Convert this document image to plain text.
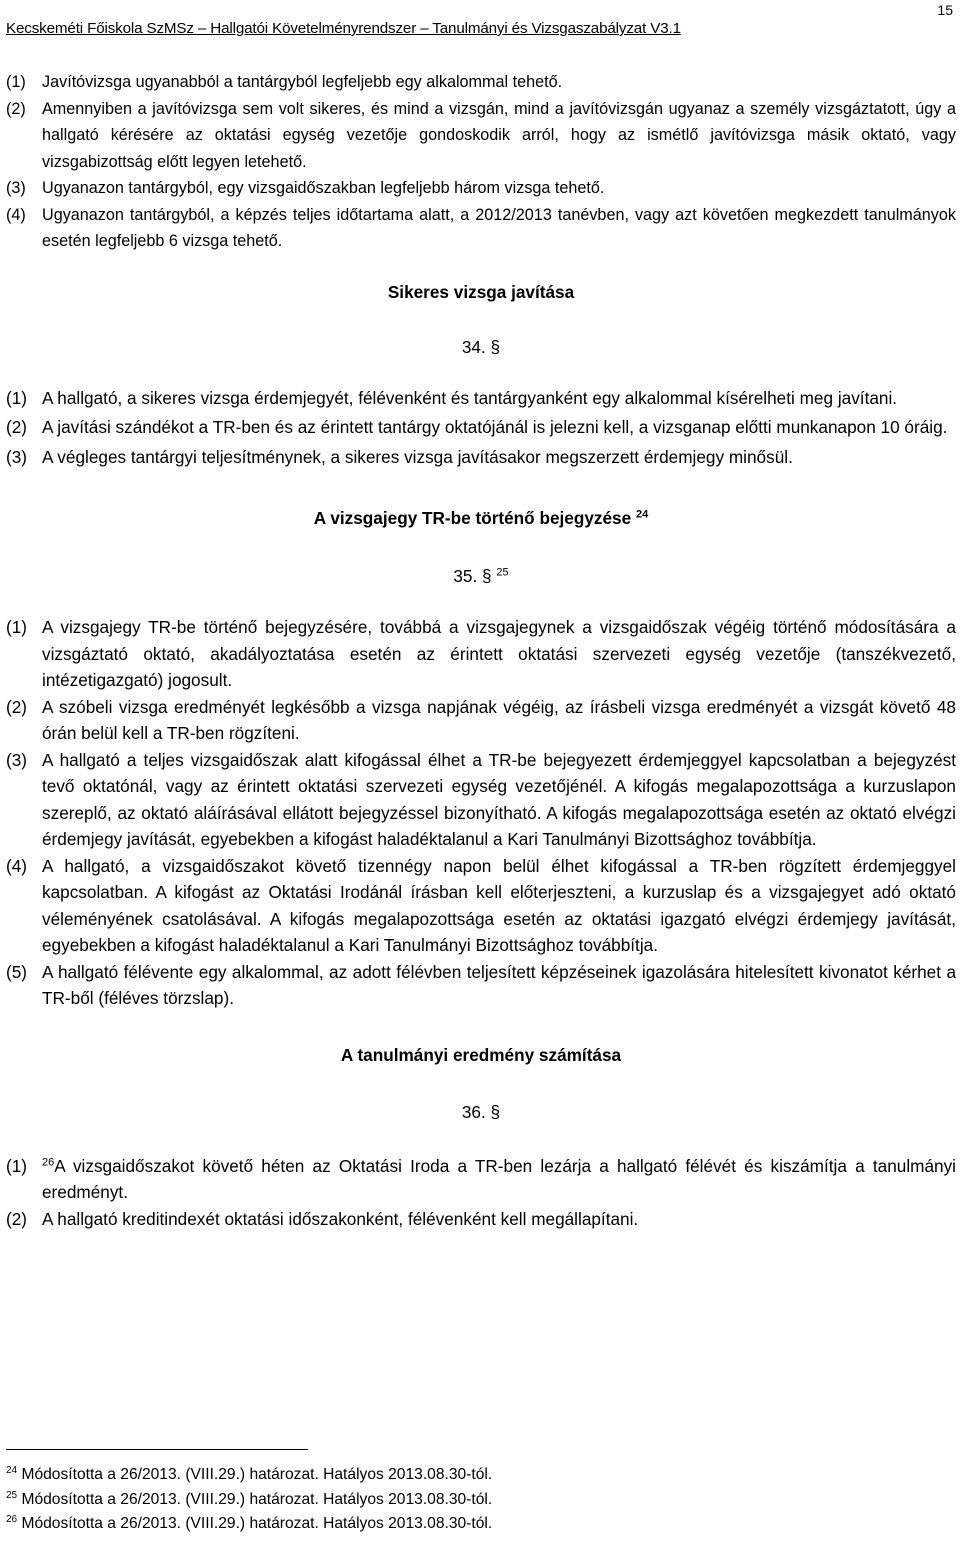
15
Kecskeméti Főiskola SzMSz – Hallgatói Követelményrendszer – Tanulmányi és Vizsgaszabályzat V3.1

(1) Javítóvizsga ugyanabból a tantárgyból legfeljebb egy alkalommal tehető.

(2) Amennyiben a javítóvizsga sem volt sikeres, és mind a vizsgán, mind a javítóvizsgán ugyanaz a személy vizsgáztatott, úgy a hallgató kérésére az oktatási egység vezetője gondoskodik arról, hogy az ismétlő javítóvizsga másik oktató, vagy vizsgabizottság előtt legyen letehető.

(3) Ugyanazon tantárgyból, egy vizsgaidőszakban legfeljebb három vizsga tehető.

(4) Ugyanazon tantárgyból, a képzés teljes időtartama alatt, a 2012/2013 tanévben, vagy azt követően megkezdett tanulmányok esetén legfeljebb 6 vizsga tehető.

Sikeres vizsga javítása

34. §

(1) A hallgató, a sikeres vizsga érdemjegyét, félévenként és tantárgyanként egy alkalommal kísérelheti meg javítani.

(2) A javítási szándékot a TR-ben és az érintett tantárgy oktatójánál is jelezni kell, a vizsganap előtti munkanapon 10 óráig.

(3) A végleges tantárgyi teljesítménynek, a sikeres vizsga javításakor megszerzett érdemjegy minősül.

A vizsgajegy TR-be történő bejegyzése $^{24}$

35. § $^{25}$

(1) A vizsgajegy TR-be történő bejegyzésére, továbbá a vizsgajegynek a vizsgaidőszak végéig történő módosítására a vizsgáztató oktató, akadályoztatása esetén az érintett oktatási szervezeti egység vezetője (tanszékvezető, intézetigazgató) jogosult.

(2) A szóbeli vizsga eredményét legkésőbb a vizsga napjának végéig, az írásbeli vizsga eredményét a vizsgát követő 48 órán belül kell a TR-ben rögzíteni.

(3) A hallgató a teljes vizsgaidőszak alatt kifogással élhet a TR-be bejegyezett érdemjeggyel kapcsolatban a bejegyzést tevő oktatónál, vagy az érintett oktatási szervezeti egység vezetőjénél. A kifogás megalapozottsága a kurzuslapon szereplő, az oktató aláírásával ellátott bejegyzéssel bizonyítható. A kifogás megalapozottsága esetén az oktató elvégzi érdemjegy javítását, egyebekben a kifogást haladéktalanul a Kari Tanulmányi Bizottsághoz továbbítja.

(4) A hallgató, a vizsgaidőszakot követő tizennégy napon belül élhet kifogással a TR-ben rögzített érdemjeggyel kapcsolatban. A kifogást az Oktatási Irodánál írásban kell előterjeszteni, a kurzuslap és a vizsgajegyet adó oktató véleményének csatolásával. A kifogás megalapozottsága esetén az oktatási igazgató elvégzi érdemjegy javítását, egyebekben a kifogást haladéktalanul a Kari Tanulmányi Bizottsághoz továbbítja.

(5) A hallgató félévente egy alkalommal, az adott félévben teljesített képzéseinek igazolására hitelesített kivonatot kérhet a TR-ből (féléves törzslap).

A tanulmányi eredmény számítása

36. §

(1) $^{26}$A vizsgaidőszakot követő héten az Oktatási Iroda a TR-ben lezárja a hallgató félévét és kiszámítja a tanulmányi eredményt.

(2) A hallgató kreditindexét oktatási időszakonként, félévenként kell megállapítani.

$^{24}$ Módosította a 26/2013. (VIII.29.) határozat. Hatályos 2013.08.30-tól.
$^{25}$ Módosította a 26/2013. (VIII.29.) határozat. Hatályos 2013.08.30-tól.
$^{26}$ Módosította a 26/2013. (VIII.29.) határozat. Hatályos 2013.08.30-tól.
